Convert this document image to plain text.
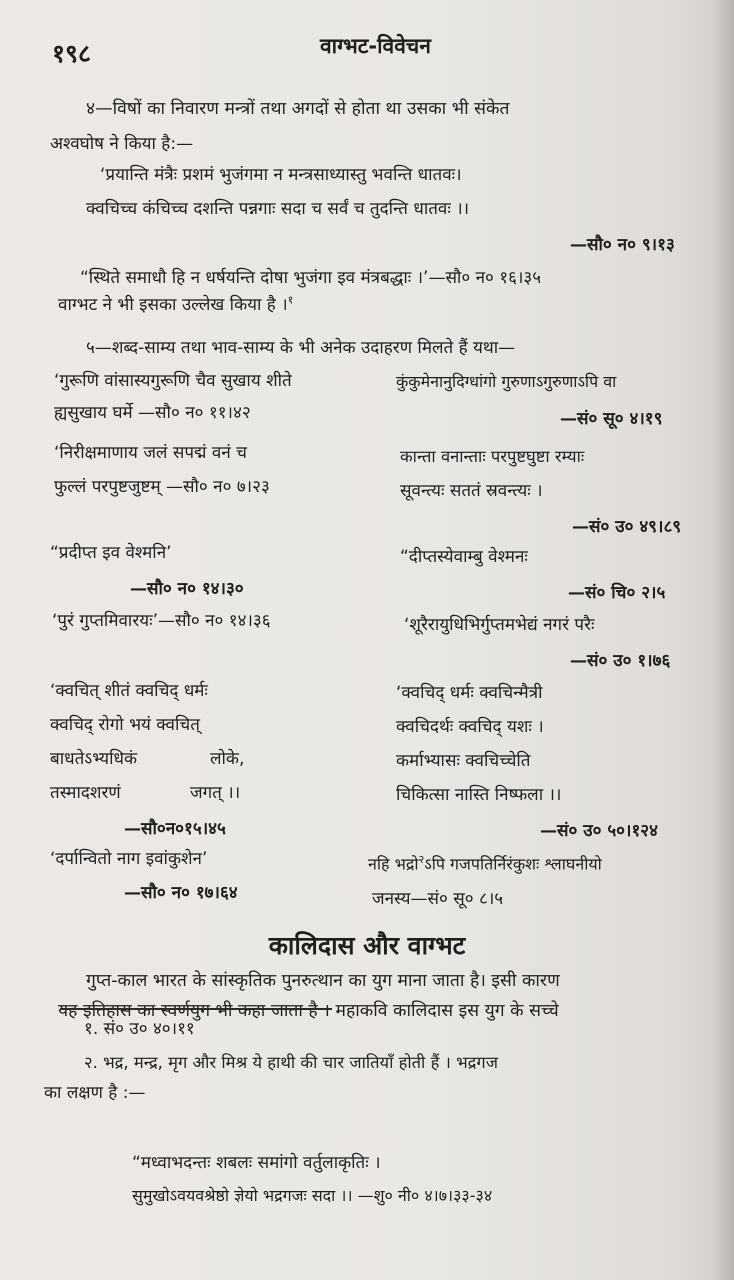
१९८	वाग्भट-विवेचन
४—विषों का निवारण मन्त्रों तथा अगदों से होता था उसका भी संकेत
अश्वघोष ने किया है:—
‘प्रयान्ति मंत्रैः प्रशमं भुजंगमा न मन्त्रसाध्यास्तु भवन्ति धातवः।
क्वचिच्च कंचिच्च दशन्ति पन्नगाः सदा च सर्वं च तुदन्ति धातवः ।।
—सौ० न० ९।१३
“स्थिते समाधौ हि न धर्षयन्ति दोषा भुजंगा इव मंत्रबद्धाः ।’—सौ० न० १६।३५
वाग्भट ने भी इसका उल्लेख किया है ।$^१$
५—शब्द-साम्य तथा भाव-साम्य के भी अनेक उदाहरण मिलते हैं यथा—
‘गुरूणि वांसास्यगुरूणि चैव सुखाय शीते
ह्यसुखाय घर्मे —सौ० न० ११।४२
कुंकुमेनानुदिग्धांगो गुरुणाऽगुरुणाऽपि वा
—सं० सू० ४।१९
‘निरीक्षमाणाय जलं सपद्मं वनं च
फुल्लं परपुष्टजुष्टम् —सौ० न० ७।२३
कान्ता वनान्ताः परपुष्टघुष्टा रम्याः
सूवन्त्यः सततं स्रवन्त्यः ।
—सं० उ० ४९।८९
“प्रदीप्त इव वेश्मनि’
—सौ० न० १४।३०
“दीप्तस्येवाम्बु वेश्मनः
—सं० चि० २।५
‘पुरं गुप्तमिवारयः’—सौ० न० १४।३६	‘शूरैरायुधिभिर्गुप्तमभेद्यं नगरं परैः
—सं० उ० १।७६
‘क्वचित् शीतं क्वचिद् धर्मः
क्वचिद् रोगो भयं क्वचित्
बाधतेऽभ्यधिकं	लोके,
तस्मादशरणं	जगत् ।।
—सौ०न०१५।४५
‘क्वचिद् धर्मः क्वचिन्मैत्री
क्वचिदर्थः क्वचिद् यशः ।
कर्माभ्यासः क्वचिच्चेति
चिकित्सा नास्ति निष्फला ।।
—सं० उ० ५०।१२४
‘दर्पान्वितो नाग इवांकुशेन’
—सौ० न० १७।६४
नहि भद्रो$^२$ऽपि गजपतिर्निरंकुशः श्लाघनीयो
जनस्य—सं० सू० ८।५
कालिदास और वाग्भट
गुप्त-काल भारत के सांस्कृतिक पुनरुत्थान का युग माना जाता है। इसी कारण
यह इतिहास का स्वर्णयुग भी कहा जाता है । महाकवि कालिदास इस युग के सच्चे
१. सं० उ० ४०।११
२. भद्र, मन्द्र, मृग और मिश्र ये हाथी की चार जातियाँ होती हैं । भद्रगज
का लक्षण है :—
“मध्वाभदन्तः शबलः समांगो वर्तुलाकृतिः ।
सुमुखोऽवयवश्रेष्ठो ज्ञेयो भद्रगजः सदा ।। —शु० नी० ४।७।३३-३४
